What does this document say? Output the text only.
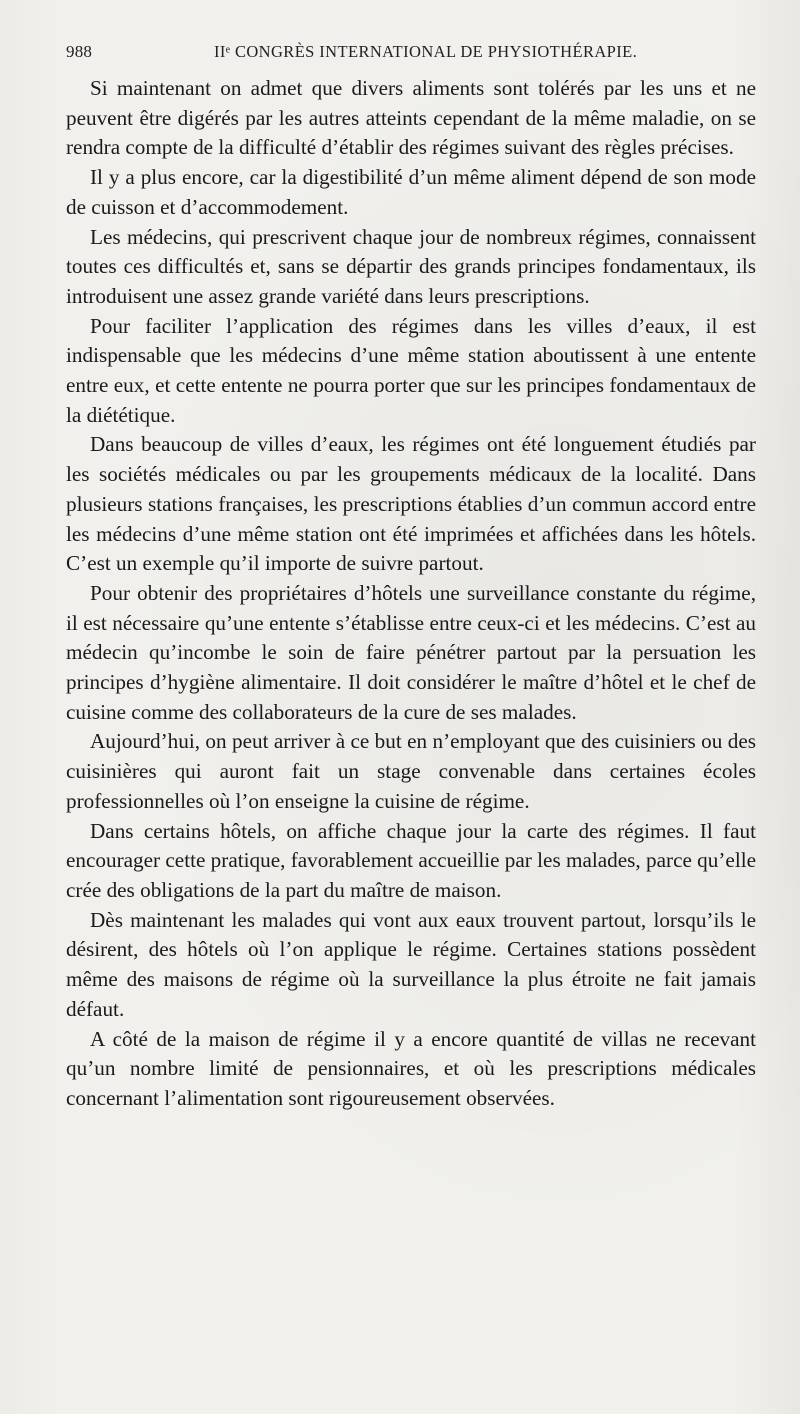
988	IIᵉ CONGRÈS INTERNATIONAL DE PHYSIOTHÉRAPIE.

Si maintenant on admet que divers aliments sont tolérés par les uns et ne peuvent être digérés par les autres atteints cependant de la même maladie, on se rendra compte de la difficulté d’établir des régimes suivant des règles précises.

Il y a plus encore, car la digestibilité d’un même aliment dépend de son mode de cuisson et d’accommodement.

Les médecins, qui prescrivent chaque jour de nombreux régimes, connaissent toutes ces difficultés et, sans se départir des grands principes fondamentaux, ils introduisent une assez grande variété dans leurs prescriptions.

Pour faciliter l’application des régimes dans les villes d’eaux, il est indispensable que les médecins d’une même station aboutissent à une entente entre eux, et cette entente ne pourra porter que sur les principes fondamentaux de la diététique.

Dans beaucoup de villes d’eaux, les régimes ont été longuement étudiés par les sociétés médicales ou par les groupements médicaux de la localité. Dans plusieurs stations françaises, les prescriptions établies d’un commun accord entre les médecins d’une même station ont été imprimées et affichées dans les hôtels. C’est un exemple qu’il importe de suivre partout.

Pour obtenir des propriétaires d’hôtels une surveillance constante du régime, il est nécessaire qu’une entente s’établisse entre ceux-ci et les médecins. C’est au médecin qu’incombe le soin de faire pénétrer partout par la persuation les principes d’hygiène alimentaire. Il doit considérer le maître d’hôtel et le chef de cuisine comme des collaborateurs de la cure de ses malades.

Aujourd’hui, on peut arriver à ce but en n’employant que des cuisiniers ou des cuisinières qui auront fait un stage convenable dans certaines écoles professionnelles où l’on enseigne la cuisine de régime.

Dans certains hôtels, on affiche chaque jour la carte des régimes. Il faut encourager cette pratique, favorablement accueillie par les malades, parce qu’elle crée des obligations de la part du maître de maison.

Dès maintenant les malades qui vont aux eaux trouvent partout, lorsqu’ils le désirent, des hôtels où l’on applique le régime. Certaines stations possèdent même des maisons de régime où la surveillance la plus étroite ne fait jamais défaut.

A côté de la maison de régime il y a encore quantité de villas ne recevant qu’un nombre limité de pensionnaires, et où les prescriptions médicales concernant l’alimentation sont rigoureusement observées.
